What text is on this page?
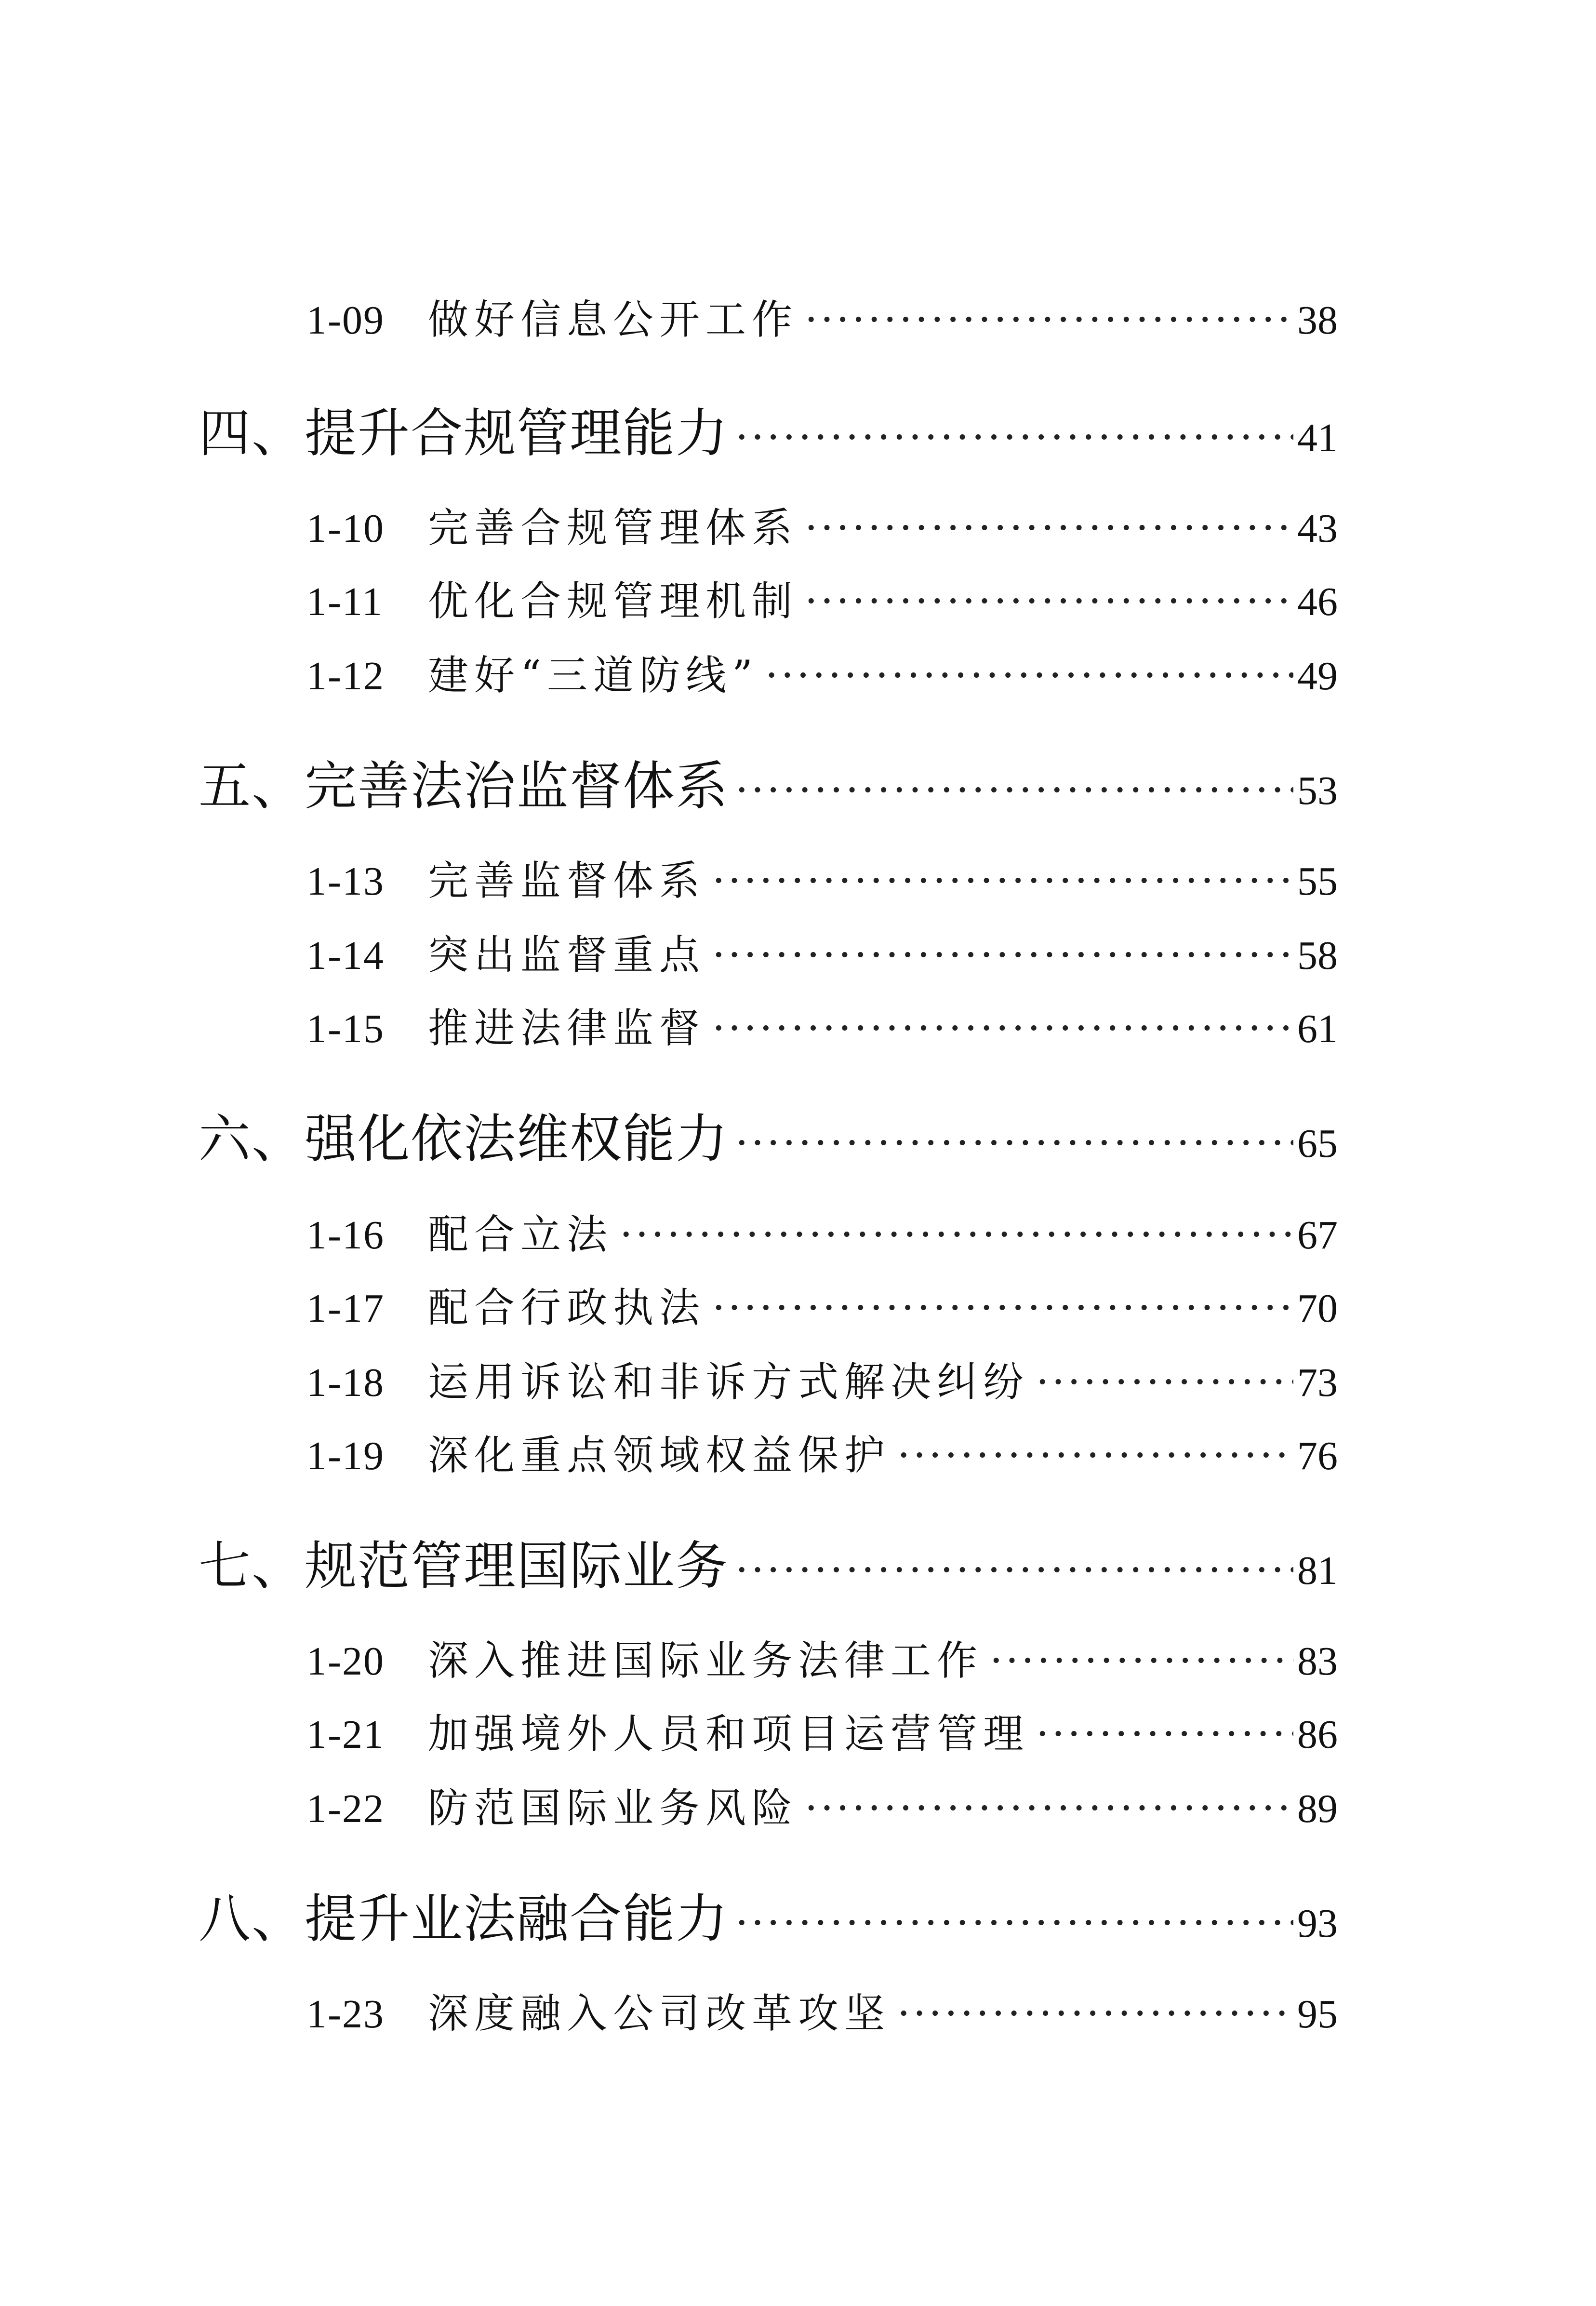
1-09	做好信息公开工作 ·····	38
四、提升合规管理能力 ·····	41
1-10	完善合规管理体系 ·····	43
1-11	优化合规管理机制 ·····	46
1-12	建好“三道防线” ·····	49
五、完善法治监督体系 ·····	53
1-13	完善监督体系 ·····	55
1-14	突出监督重点 ·····	58
1-15	推进法律监督 ·····	61
六、强化依法维权能力 ·····	65
1-16	配合立法 ·····	67
1-17	配合行政执法 ·····	70
1-18	运用诉讼和非诉方式解决纠纷 ·····	73
1-19	深化重点领域权益保护 ·····	76
七、规范管理国际业务 ·····	81
1-20	深入推进国际业务法律工作 ·····	83
1-21	加强境外人员和项目运营管理 ·····	86
1-22	防范国际业务风险 ·····	89
八、提升业法融合能力 ·····	93
1-23	深度融入公司改革攻坚 ·····	95
